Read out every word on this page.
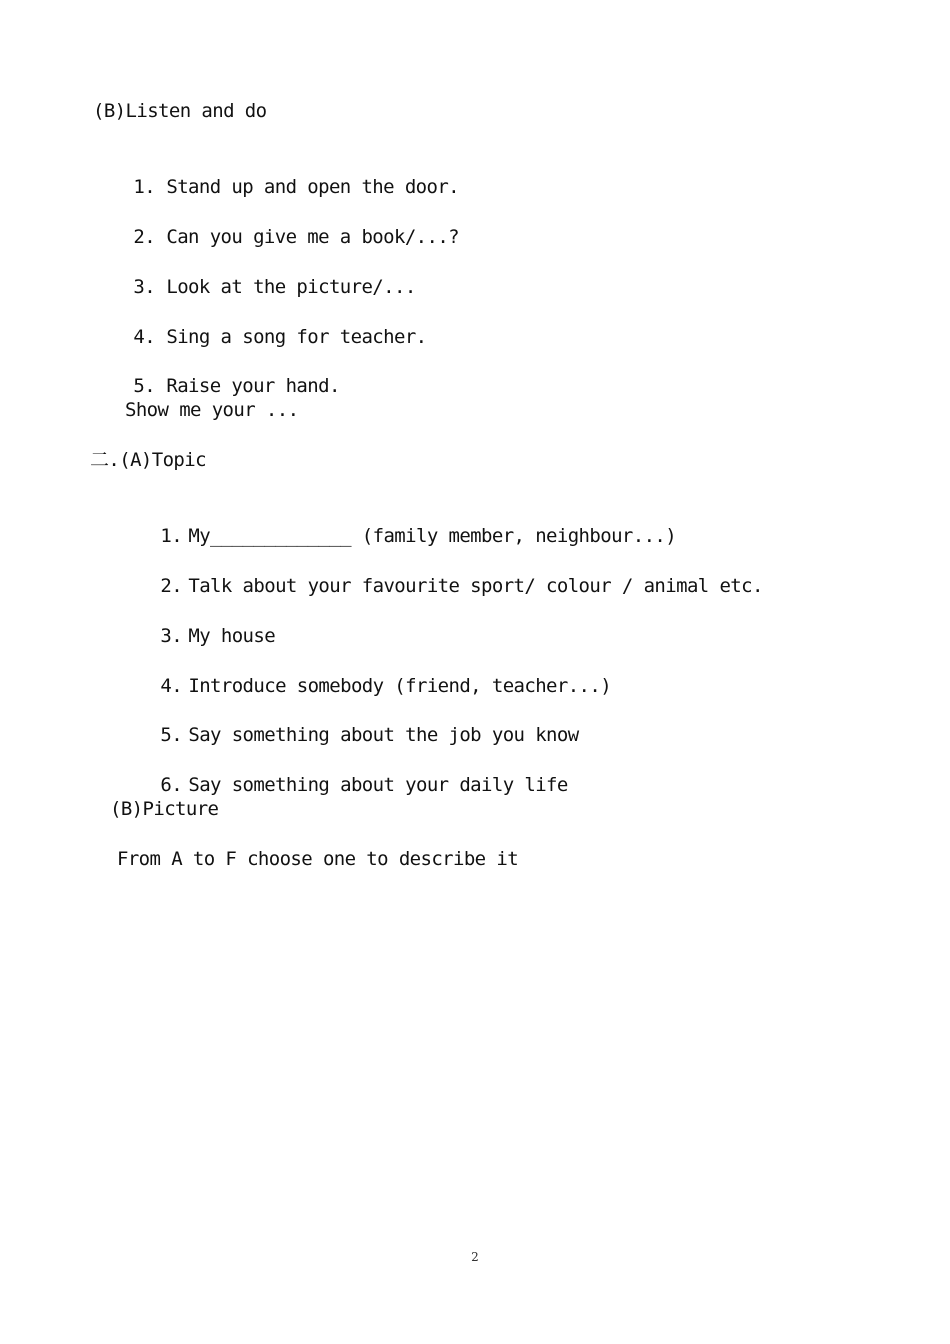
(B)Listen and do

1. Stand up and open the door.

2. Can you give me a book/...?

3. Look at the picture/...

4. Sing a song for teacher.

5. Raise your hand.

Show me your ...
二.(A)Topic

1. My_____________ (family member, neighbour...)

2. Talk about your favourite sport/ colour / animal etc.

3. My house

4. Introduce somebody (friend, teacher...)

5. Say something about the job you know

6. Say something about your daily life

(B)Picture
From A to F choose one to describe it
2
